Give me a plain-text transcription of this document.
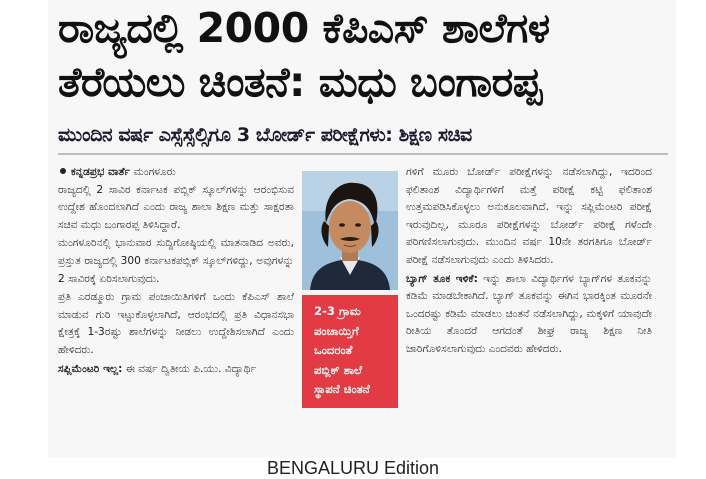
ರಾಜ್ಯದಲ್ಲಿ 2000 ಕೆಪಿಎಸ್ ಶಾಲೆಗಳ
ತೆರೆಯಲು ಚಿಂತನೆ: ಮಧು ಬಂಗಾರಪ್ಪ
ಮುಂದಿನ ವರ್ಷ ಎಸ್ಸೆಸ್ಸೆಲ್ಸಿಗೂ 3 ಬೋರ್ಡ್ ಪರೀಕ್ಷೆಗಳು: ಶಿಕ್ಷಣ ಸಚಿವ
ಕನ್ನಡಪ್ರಭ ವಾರ್ತೆ ಮಂಗಳೂರು

ರಾಜ್ಯದಲ್ಲಿ 2 ಸಾವಿರ ಕರ್ನಾಟಕ ಪಬ್ಲಿಕ್ ಸ್ಕೂಲ್‌ಗಳನ್ನು ಆರಂಭಿಸುವ ಉದ್ದೇಶ ಹೊಂದಲಾಗಿದೆ ಎಂದು ರಾಜ್ಯ ಶಾಲಾ ಶಿಕ್ಷಣ ಮತ್ತು ಸಾಕ್ಷರತಾ ಸಚಿವ ಮಧು ಬಂಗಾರಪ್ಪ ತಿಳಿಸಿದ್ದಾರೆ.

ಮಂಗಳೂರಿನಲ್ಲಿ ಭಾನುವಾರ ಸುದ್ದಿಗೋಷ್ಠಿಯಲ್ಲಿ ಮಾತನಾಡಿದ ಅವರು, ಪ್ರಸ್ತುತ ರಾಜ್ಯದಲ್ಲಿ 300 ಕರ್ನಾಟಕಪಬ್ಲಿಕ್ ಸ್ಕೂಲ್‌ಗಳಿದ್ದು, ಅವುಗಳನ್ನು 2 ಸಾವಿರಕ್ಕೆ ಏರಿಸಲಾಗುವುದು.

ಪ್ರತಿ ಎರಡ್ಮೂರು ಗ್ರಾಮ ಪಂಚಾಯಿತಿಗಳಿಗೆ ಒಂದು ಕೆಪಿಎಸ್ ಶಾಲೆ ಮಾಡುವ ಗುರಿ ಇಟ್ಟುಕೊಳ್ಳಲಾಗಿದೆ, ಆರಂಭದಲ್ಲಿ ಪ್ರತಿ ವಿಧಾನಸಭಾ ಕ್ಷೇತ್ರಕ್ಕೆ 1-3ರಷ್ಟು ಶಾಲೆಗಳನ್ನು ನೀಡಲು ಉದ್ದೇಶಿಸಲಾಗಿದೆ ಎಂದು ಹೇಳಿದರು.

ಸಪ್ಲಿಮೆಂಟರಿ ಇಲ್ಲ: ಈ ವರ್ಷ ದ್ವಿತೀಯ ಪಿ.ಯು. ವಿದ್ಯಾರ್ಥಿ

2-3 ಗ್ರಾಮ
ಪಂಚಾಯ್ತಿಗೆ
ಒಂದರಂತೆ
ಪಬ್ಲಿಕ್ ಶಾಲೆ
ಸ್ಥಾಪನೆ ಚಿಂತನೆ

ಗಳಿಗೆ ಮೂರು ಬೋರ್ಡ್ ಪರೀಕ್ಷೆಗಳನ್ನು ನಡೆಸಲಾಗಿದ್ದು, ಇದರಿಂದ ಫಲಿತಾಂಶ ವಿದ್ಯಾರ್ಥಿಗಳಿಗೆ ಮತ್ತೆ ಪರೀಕ್ಷೆ ಕಟ್ಟಿ ಫಲಿತಾಂಶ ಉತ್ತಮಪಡಿಸಿಕೊಳ್ಳಲು ಅನುಕೂಲವಾಗಿದೆ. ಇನ್ನು ಸಪ್ಲಿಮೆಂಟರಿ ಪರೀಕ್ಷೆ ಇರುವುದಿಲ್ಲ, ಮೂರೂ ಪರೀಕ್ಷೆಗಳನ್ನು ಬೋರ್ಡ್ ಪರೀಕ್ಷೆ ಗಳೆಂದೇ ಪರಿಗಣಿಸಲಾಗುವುದು. ಮುಂದಿನ ವರ್ಷ 10ನೇ ತರಗತಿಗೂ ಬೋರ್ಡ್ ಪರೀಕ್ಷೆ ನಡೆಸಲಾಗುವುದು ಎಂದು ತಿಳಿಸಿದರು.

ಬ್ಯಾಗ್ ತೂಕ ಇಳಿಕೆ: ಇನ್ನು ಶಾಲಾ ವಿದ್ಯಾರ್ಥಿಗಳ ಬ್ಯಾಗ್‌ಗಳ ತೂಕವನ್ನು ಕಡಿಮೆ ಮಾಡಬೇಕಾಗಿದೆ. ಬ್ಯಾಗ್ ತೂಕವನ್ನು ಈಗಿನ ಭಾರಕ್ಕಿಂತ ಮೂರನೇ ಒಂದರಷ್ಟು ಕಡಿಮೆ ಮಾಡಲು ಚಿಂತನೆ ನಡೆಸಲಾಗಿದ್ದು, ಮಕ್ಕಳಿಗೆ ಯಾವುದೇ ರೀತಿಯ ತೊಂದರೆ ಆಗದಂತೆ ಶೀಘ್ರ ರಾಜ್ಯ ಶಿಕ್ಷಣ ನೀತಿ ಜಾರಿಗೊಳಿಸಲಾಗುವುದು ಎಂದವರು ಹೇಳಿದರು.

BENGALURU Edition
